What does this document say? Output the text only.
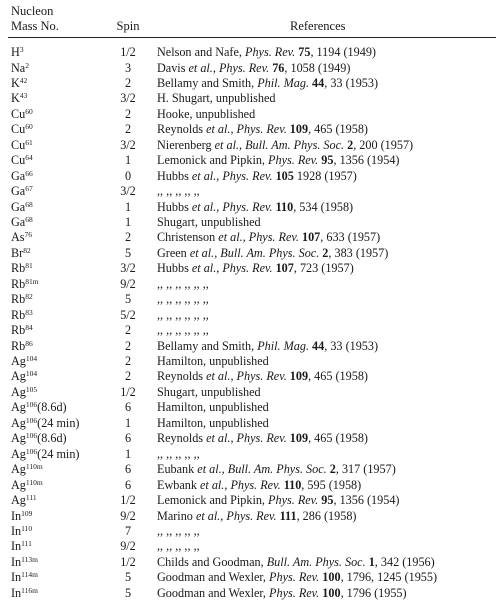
Nucleon
Mass No.	Spin	References
$H^3$	1/2	Nelson and Nafe, Phys. Rev. 75, 1194 (1949)
Na$^2$	3	Davis et al., Phys. Rev. 76, 1058 (1949)
$K^{42}$	2	Bellamy and Smith, Phil. Mag. 44, 33 (1953)
$K^{43}$	3/2	H. Shugart, unpublished
Cu$^{60}$	2	Hooke, unpublished
Cu$^{60}$	2	Reynolds et al., Phys. Rev. 109, 465 (1958)
Cu$^{61}$	3/2	Nierenberg et al., Bull. Am. Phys. Soc. 2, 200 (1957)
Cu$^{64}$	1	Lemonick and Pipkin, Phys. Rev. 95, 1356 (1954)
Ga$^{66}$	0	Hubbs et al., Phys. Rev. 105 1928 (1957)
Ga$^{67}$	3/2	,, ,, ,, ,, ,,
Ga$^{68}$	1	Hubbs et al., Phys. Rev. 110, 534 (1958)
Ga$^{68}$	1	Shugart, unpublished
As$^{76}$	2	Christenson et al., Phys. Rev. 107, 633 (1957)
Br$^{82}$	5	Green et al., Bull. Am. Phys. Soc. 2, 383 (1957)
Rb$^{81}$	3/2	Hubbs et al., Phys. Rev. 107, 723 (1957)
$Rb^{81m}$	9/2	,, ,, ,, ,, ,, ,,
Rb$^{82}$	5	,, ,, ,, ,, ,, ,,
Rb$^{83}$	5/2	,, ,, ,, ,, ,, ,,
Rb$^{84}$	2	,, ,, ,, ,, ,, ,,
Rb$^{86}$	2	Bellamy and Smith, Phil. Mag. 44, 33 (1953)
Ag$^{104}$	2	Hamilton, unpublished
Ag$^{104}$	2	Reynolds et al., Phys. Rev. 109, 465 (1958)
Ag$^{105}$	1/2	Shugart, unpublished
Ag$^{106}$(8.6d)	6	Hamilton, unpublished
Ag$^{106}$(24 min)	1	Hamilton, unpublished
Ag$^{106}$(8.6d)	6	Reynolds et al., Phys. Rev. 109, 465 (1958)
Ag$^{106}$(24 min)	1	,, ,, ,, ,, ,,
$Ag^{110m}$	6	Eubank et al., Bull. Am. Phys. Soc. 2, 317 (1957)
$Ag^{110m}$	6	Ewbank et al., Phys. Rev. 110, 595 (1958)
Ag$^{111}$	1/2	Lemonick and Pipkin, Phys. Rev. 95, 1356 (1954)
In$^{109}$	9/2	Marino et al., Phys. Rev. 111, 286 (1958)
In$^{110}$	7	,, ,, ,, ,, ,,
In$^{111}$	9/2	,, ,, ,, ,, ,,
$In^{113m}$	1/2	Childs and Goodman, Bull. Am. Phys. Soc. 1, 342 (1956)
$In^{114m}$	5	Goodman and Wexler, Phys. Rev. 100, 1796, 1245 (1955)
$In^{116m}$	5	Goodman and Wexler, Phys. Rev. 100, 1796 (1955)
